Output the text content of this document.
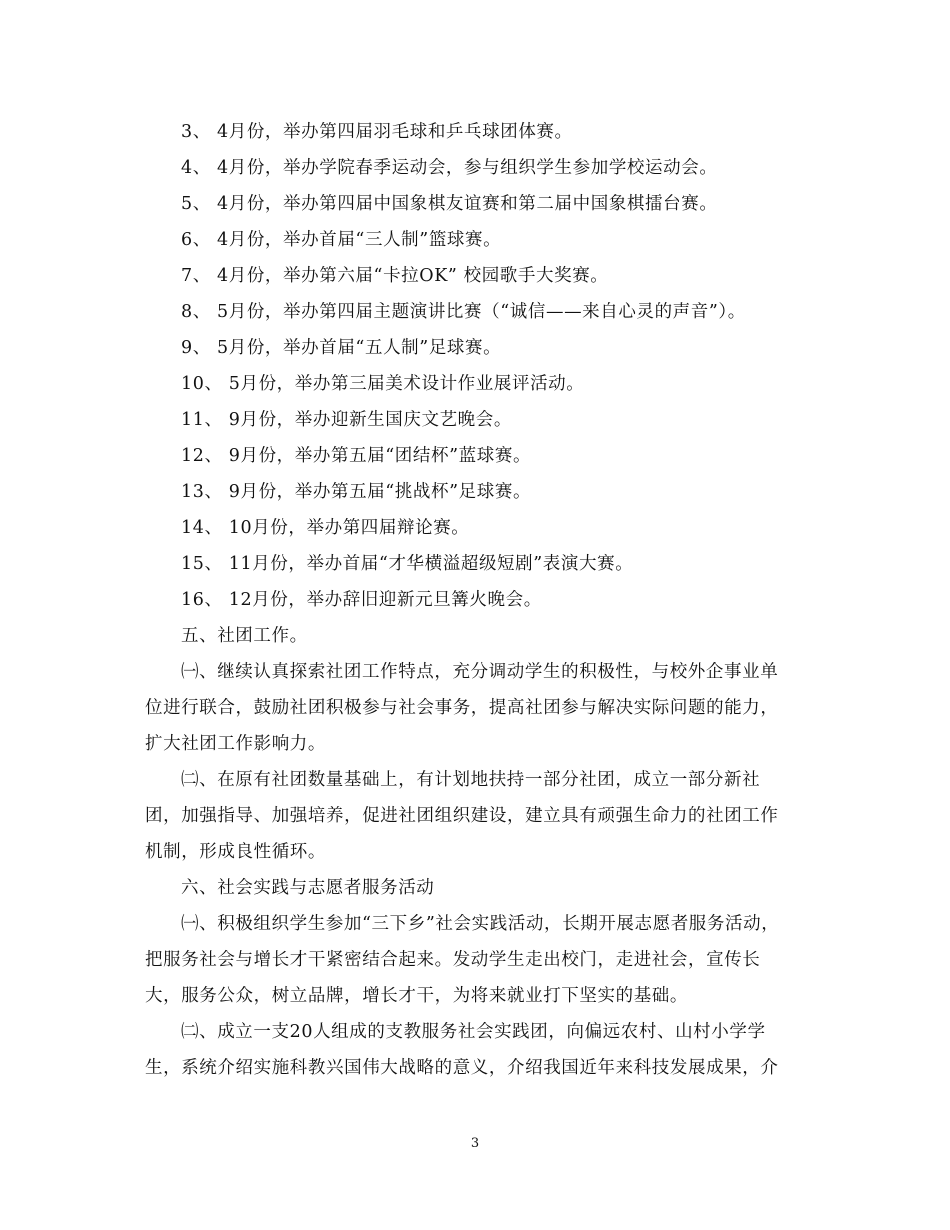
3、 4月份，举办第四届羽毛球和乒乓球团体赛。
4、 4月份，举办学院春季运动会，参与组织学生参加学校运动会。
5、 4月份，举办第四届中国象棋友谊赛和第二届中国象棋擂台赛。
6、 4月份，举办首届“三人制”篮球赛。
7、 4月份，举办第六届“卡拉OK” 校园歌手大奖赛。
8、 5月份，举办第四届主题演讲比赛（“诚信——来自心灵的声音”）。
9、 5月份，举办首届“五人制”足球赛。
10、 5月份，举办第三届美术设计作业展评活动。
11、 9月份，举办迎新生国庆文艺晚会。
12、 9月份，举办第五届“团结杯”蓝球赛。
13、 9月份，举办第五届“挑战杯”足球赛。
14、 10月份，举办第四届辩论赛。
15、 11月份，举办首届“才华横溢超级短剧”表演大赛。
16、 12月份，举办辞旧迎新元旦篝火晚会。
五、社团工作。
㈠、继续认真探索社团工作特点，充分调动学生的积极性，与校外企事业单
位进行联合，鼓励社团积极参与社会事务，提高社团参与解决实际问题的能力，
扩大社团工作影响力。
㈡、在原有社团数量基础上，有计划地扶持一部分社团，成立一部分新社
团，加强指导、加强培养，促进社团组织建设，建立具有顽强生命力的社团工作
机制，形成良性循环。
六、社会实践与志愿者服务活动
㈠、积极组织学生参加“三下乡”社会实践活动，长期开展志愿者服务活动，
把服务社会与增长才干紧密结合起来。发动学生走出校门，走进社会，宣传长
大，服务公众，树立品牌，增长才干，为将来就业打下坚实的基础。
㈡、成立一支20人组成的支教服务社会实践团，向偏远农村、山村小学学
生，系统介绍实施科教兴国伟大战略的意义，介绍我国近年来科技发展成果，介
3
